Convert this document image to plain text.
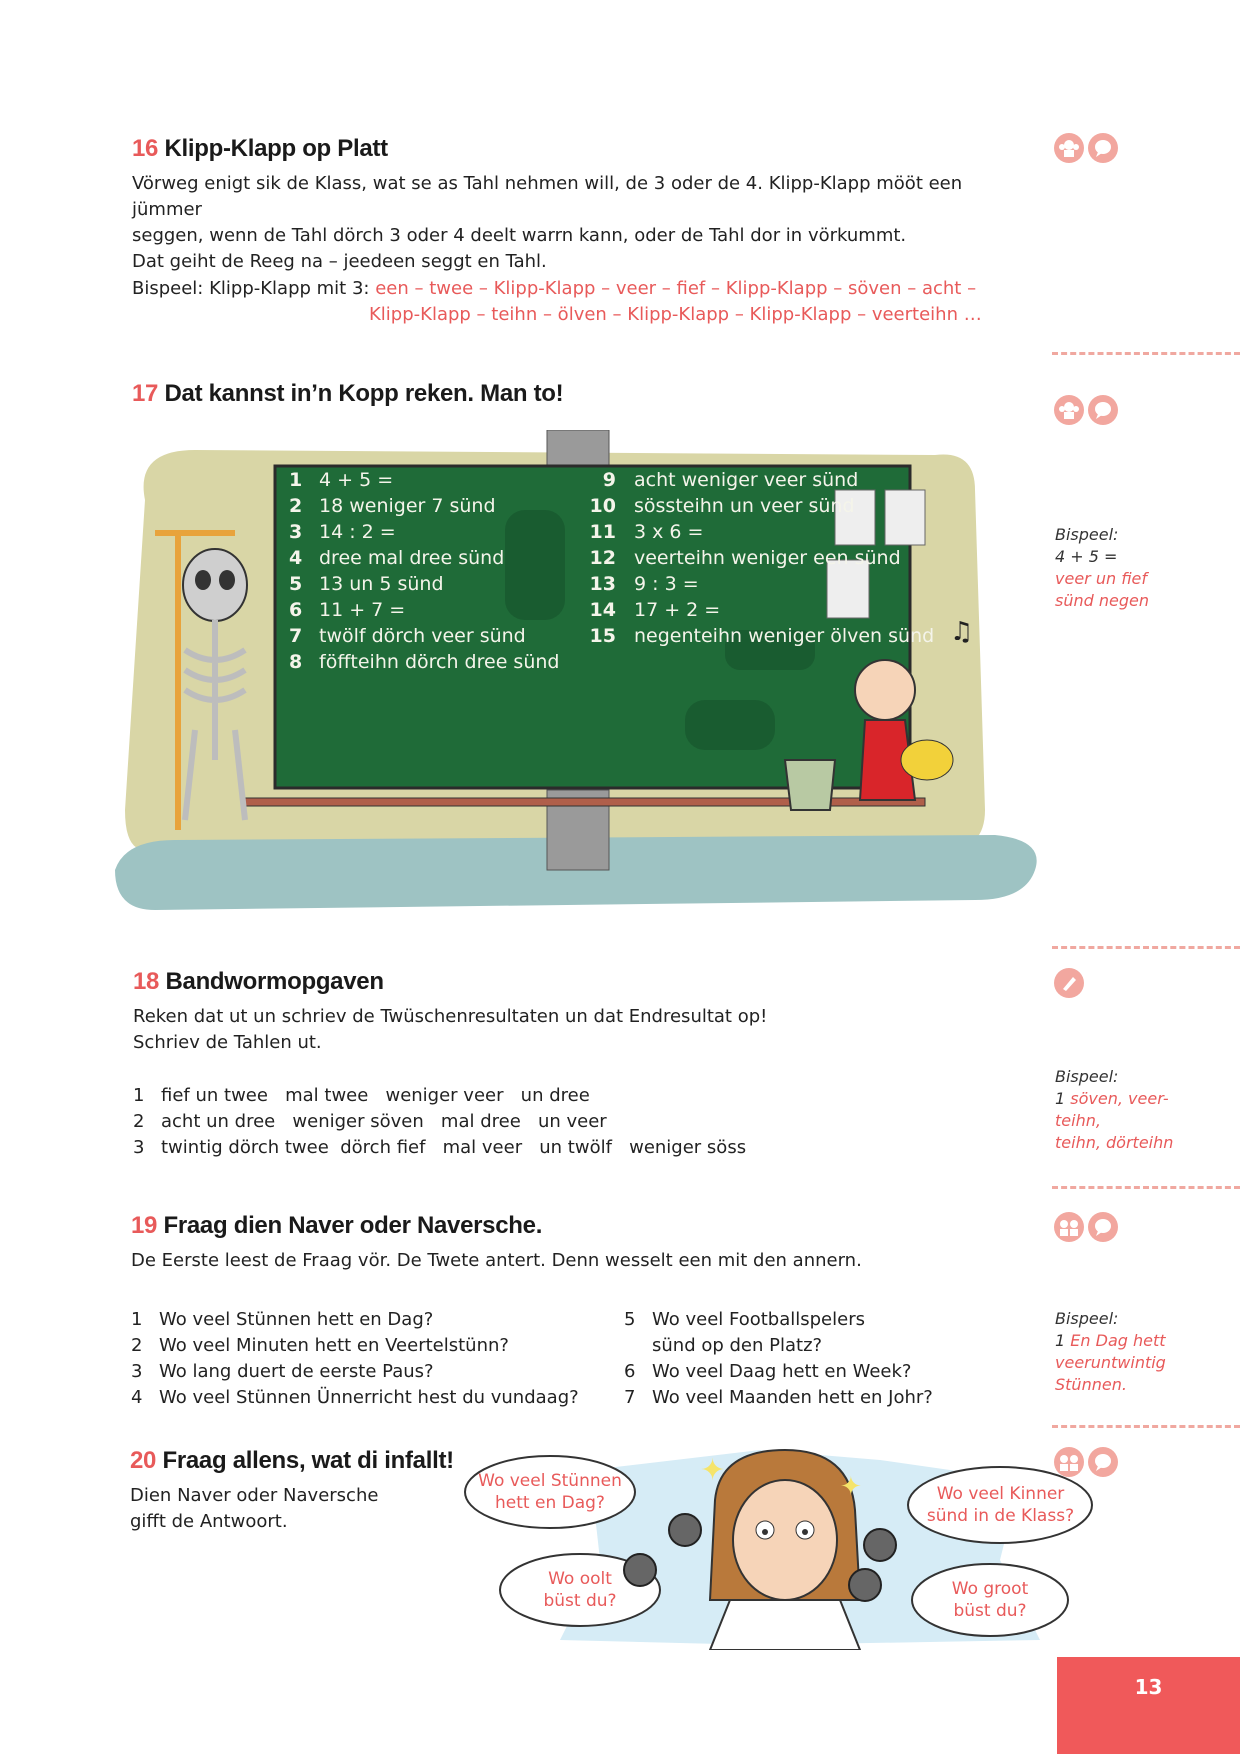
16 Klipp-Klapp op Platt
Vörweg enigt sik de Klass, wat se as Tahl nehmen will, de 3 oder de 4. Klipp-Klapp mööt een jümmer
seggen, wenn de Tahl dörch 3 oder 4 deelt warrn kann, oder de Tahl dor in vörkummt.
Dat geiht de Reeg na – jeedeen seggt en Tahl.
Bispeel: Klipp-Klapp mit 3: een – twee – Klipp-Klapp – veer – fief – Klipp-Klapp – söven – acht –
Klipp-Klapp – teihn – ölven – Klipp-Klapp – Klipp-Klapp – veerteihn …
17 Dat kannst in’n Kopp reken. Man to!
♫
1 4 + 5 =
2 18 weniger 7 sünd
3 14 : 2 =
4 dree mal dree sünd
5 13 un 5 sünd
6 11 + 7 =
7 twölf dörch veer sünd
8 föffteihn dörch dree sünd
9 acht weniger veer sünd
10 sössteihn un veer sünd
11 3 x 6 =
12 veerteihn weniger een sünd
13 9 : 3 =
14 17 + 2 =
15 negenteihn weniger ölven sünd
1
Bispeel:
4 + 5 =
veer un fief
sünd negen
18 Bandwormopgaven
Reken dat ut un schriev de Twüschenresultaten un dat Endresultat op!
Schriev de Tahlen ut.
1 fief un twee   mal twee   weniger veer   un dree
2 acht un dree   weniger söven   mal dree   un veer
3 twintig dörch twee  dörch fief   mal veer   un twölf   weniger söss
Bispeel:
1 söven, veer-
teihn,
teihn, dörteihn
19 Fraag dien Naver oder Naversche.
De Eerste leest de Fraag vör. De Twete antert. Denn wesselt een mit den annern.
1 Wo veel Stünnen hett en Dag?
2 Wo veel Minuten hett en Veertelstünn?
3 Wo lang duert de eerste Paus?
4 Wo veel Stünnen Ünnerricht hest du vundaag?
5 Wo veel Footballspelers
sünd op den Platz?
6 Wo veel Daag hett en Week?
7 Wo veel Maanden hett en Johr?
Bispeel:
1 En Dag hett
veeruntwintig
Stünnen.
20 Fraag allens, wat di infallt!
Dien Naver oder Naversche
gifft de Antwoort.
✦	✦
Wo veel Stünnen
hett en Dag?	Wo veel Kinner
sünd in de Klass?
Wo oolt
büst du?
Wo groot
büst du?
13
